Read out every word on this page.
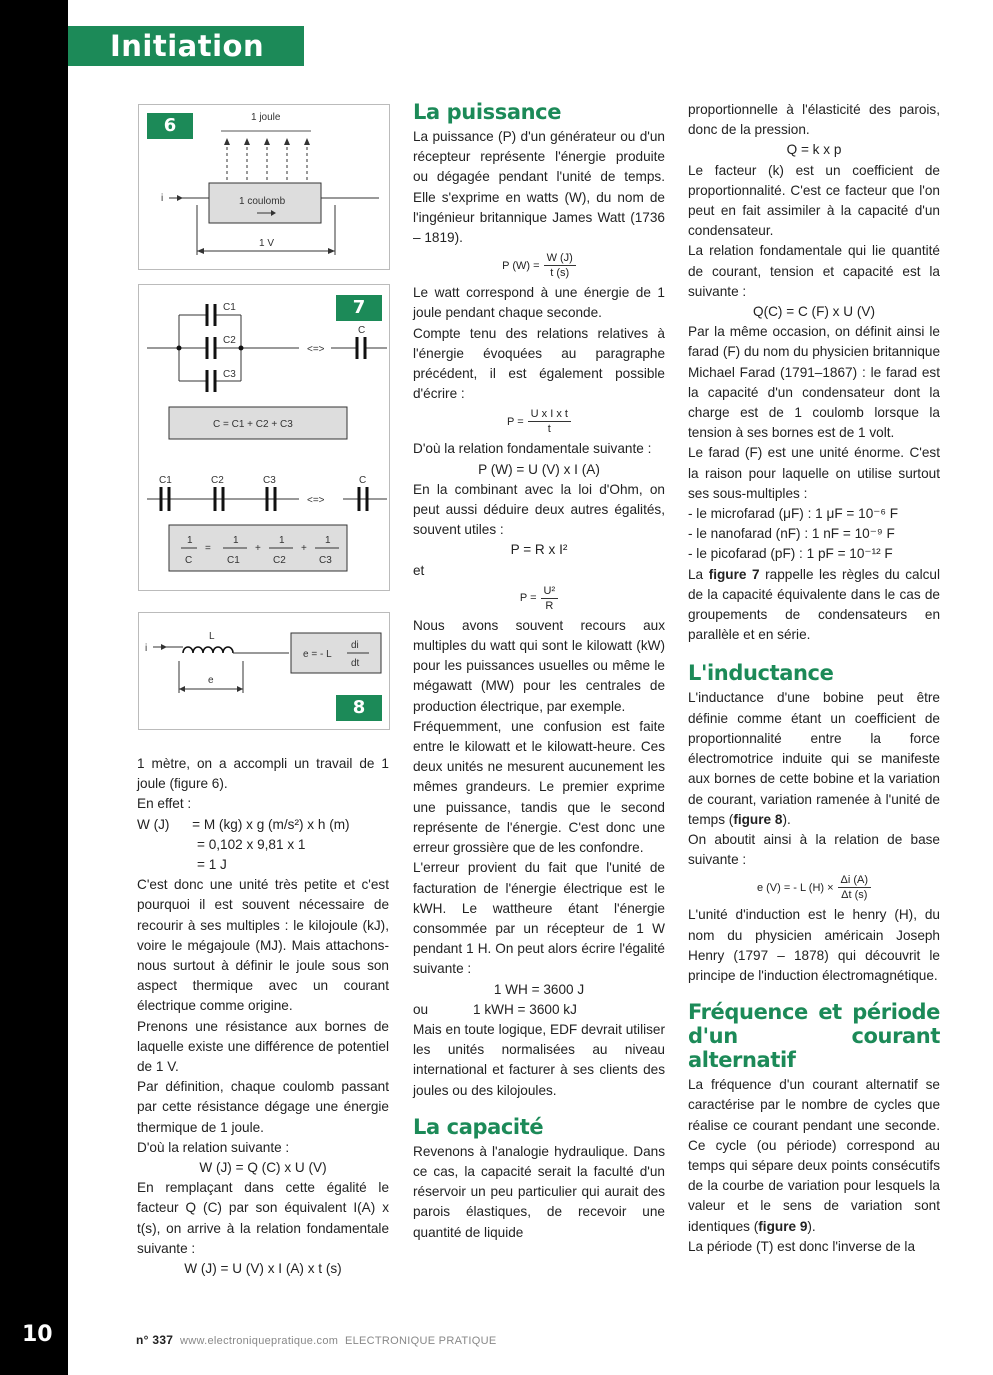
Initiation
6	1 joule
i	1 coulomb
1 V
7
C1
C2
C3
<=>
C
C = C1 + C2 + C3
<=>
C1	C2	C3	C
1
C
=
1
C1
+
1
C2
+
1
C3
8
i
L
e
e = - L
di
dt

1 mètre, on a accompli un travail de 1 joule (figure 6).

En effet :

W (J)      = M (kg) x g (m/s²) x h (m)

= 0,102 x 9,81 x 1

= 1 J

C'est donc une unité très petite et c'est pourquoi il est souvent nécessaire de recourir à ses multiples : le kilojoule (kJ), voire le mégajoule (MJ). Mais attachons-nous surtout à définir le joule sous son aspect thermique avec un courant électrique comme origine.

Prenons une résistance aux bornes de laquelle existe une différence de potentiel de 1 V.

Par définition, chaque coulomb passant par cette résistance dégage une énergie thermique de 1 joule.

D'où la relation suivante :

W (J) = Q (C) x U (V)

En remplaçant dans cette égalité le facteur Q (C) par son équivalent I(A) x t(s), on arrive à la relation fondamentale suivante :

W (J) = U (V) x I (A) x t (s)

La puissance

La puissance (P) d'un générateur ou d'un récepteur représente l'énergie produite ou dégagée pendant l'unité de temps. Elle s'exprime en watts (W), du nom de l'ingénieur britannique James Watt (1736 – 1819).

P $(W) = \frac{W (J)}{t (s)}$

Le watt correspond à une énergie de 1 joule pendant chaque seconde.

Compte tenu des relations relatives à l'énergie évoquées au paragraphe précédent, il est également possible d'écrire :

$P = \frac{\text{U x I x t}}{t}$

D'où la relation fondamentale suivante :

P (W) = U (V) x I (A)

En la combinant avec la loi d'Ohm, on peut aussi déduire deux autres égalités, souvent utiles :

P = R x I²

et

$P = \frac{\text{U²}}{R}$

Nous avons souvent recours aux multiples du watt qui sont le kilowatt (kW) pour les puissances usuelles ou même le mégawatt (MW) pour les centrales de production électrique, par exemple.

Fréquemment, une confusion est faite entre le kilowatt et le kilowatt-heure. Ces deux unités ne mesurent aucunement les mêmes grandeurs. Le premier exprime une puissance, tandis que le second représente de l'énergie. C'est donc une erreur grossière que de les confondre.

L'erreur provient du fait que l'unité de facturation de l'énergie électrique est le kWH. Le wattheure étant l'énergie consommée par un récepteur de 1 W pendant 1 H. On peut alors écrire l'égalité suivante :

1 WH = 3600 J

ou	1 kWH = 3600 kJ

Mais en toute logique, EDF devrait utiliser les unités normalisées au niveau international et facturer à ses clients des joules ou des kilojoules.

La capacité

Revenons à l'analogie hydraulique. Dans ce cas, la capacité serait la faculté d'un réservoir un peu particulier qui aurait des parois élastiques, de recevoir une quantité de liquide

proportionnelle à l'élasticité des parois, donc de la pression.

Q = k x p

Le facteur (k) est un coefficient de proportionnalité. C'est ce facteur que l'on peut en fait assimiler à la capacité d'un condensateur.

La relation fondamentale qui lie quantité de courant, tension et capacité est la suivante :

Q(C) = C (F) x U (V)

Par la même occasion, on définit ainsi le farad (F) du nom du physicien britannique Michael Farad (1791–1867) : le farad est la capacité d'un condensateur dont la charge est de 1 coulomb lorsque la tension à ses bornes est de 1 volt.

Le farad (F) est une unité énorme. C'est la raison pour laquelle on utilise surtout ses sous-multiples :

- le microfarad (μF) : 1 μF = 10⁻⁶ F

- le nanofarad (nF) : 1 nF = 10⁻⁹ F

- le picofarad (pF) : 1 pF = 10⁻¹² F

La figure 7 rappelle les règles du calcul de la capacité équivalente dans le cas de groupements de condensateurs en parallèle et en série.

L'inductance

L'inductance d'une bobine peut être définie comme étant un coefficient de proportionnalité entre la force électromotrice induite qui se manifeste aux bornes de cette bobine et la variation de courant, variation ramenée à l'unité de temps (figure 8).

On aboutit ainsi à la relation de base suivante :

e (V) = - L $(H) \times \frac{\Delta i (A)}{\Delta t (s)}$

L'unité d'induction est le henry (H), du nom du physicien américain Joseph Henry (1797 – 1878) qui découvrit le principe de l'induction électromagnétique.

Fréquence et période d'un courant alternatif

La fréquence d'un courant alternatif se caractérise par le nombre de cycles que réalise ce courant pendant une seconde. Ce cycle (ou période) correspond au temps qui sépare deux points consécutifs de la courbe de variation pour lesquels la valeur et le sens de variation sont identiques (figure 9).

La période (T) est donc l'inverse de la

10	n° 337 www.electroniquepratique.com ELECTRONIQUE PRATIQUE
